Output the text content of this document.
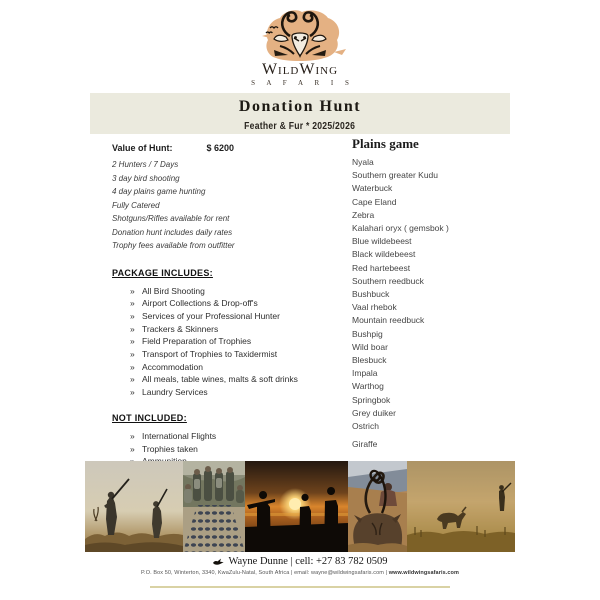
WildWing
S A F A R I S
Donation Hunt
Feather & Fur * 2025/2026
Value of Hunt:	$ 6200
2 Hunters / 7 Days
3 day bird shooting
4 day plains game hunting
Fully Catered
Shotguns/Rifles available for rent
Donation hunt includes daily rates
Trophy fees available from outfitter
PACKAGE INCLUDES:
» All Bird Shooting
» Airport Collections & Drop-off's
» Services of your Professional Hunter
» Trackers & Skinners
» Field Preparation of Trophies
» Transport of Trophies to Taxidermist
» Accommodation
» All meals, table wines, malts & soft drinks
» Laundry Services
NOT INCLUDED:
» International Flights
» Trophies taken
Plains game
Nyala
Southern greater Kudu
Waterbuck
Cape Eland
Zebra
Kalahari oryx ( gemsbok )
Blue wildebeest
Black wildebeest
Red hartebeest
Southern reedbuck
Bushbuck
Vaal rhebok
Mountain reedbuck
Bushpig
Wild boar
Blesbuck
Impala
Warthog
Springbok
Grey duiker
Ostrich
Giraffe
Wayne Dunne | cell: +27 83 782 0509
P.O. Box 50, Winterton, 3340, KwaZulu-Natal, South Africa | email: wayne@wildwingsafaris.com | www.wildwingsafaris.com
